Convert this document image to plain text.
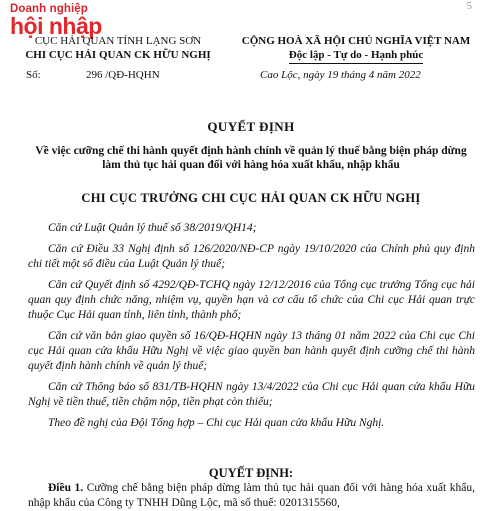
Doanh nghiệp
hội nhập
5
CỤC HẢI QUAN TỈNH LẠNG SƠN
CHI CỤC HẢI QUAN CK HỮU NGHỊ
CỘNG HOÀ XÃ HỘI CHỦ NGHĨA VIỆT NAM
Độc lập - Tự do - Hạnh phúc
Số:	296 /QĐ-HQHN	Cao Lộc, ngày 19 tháng 4 năm 2022
QUYẾT ĐỊNH
Về việc cưỡng chế thi hành quyết định hành chính về quản lý thuế bằng biện pháp dừng làm thủ tục hải quan đối với hàng hóa xuất khẩu, nhập khẩu
CHI CỤC TRƯỞNG CHI CỤC HẢI QUAN CK HỮU NGHỊ

Căn cứ Luật Quản lý thuế số 38/2019/QH14;

Căn cứ Điều 33 Nghị định số 126/2020/NĐ-CP ngày 19/10/2020 của Chính phủ quy định chi tiết một số điều của Luật Quản lý thuế;

Căn cứ Quyết định số 4292/QĐ-TCHQ ngày 12/12/2016 của Tổng cục trưởng Tổng cục hải quan quy định chức năng, nhiệm vụ, quyền hạn và cơ cấu tổ chức của Chi cục Hải quan trực thuộc Cục Hải quan tỉnh, liên tỉnh, thành phố;

Căn cứ văn bản giao quyền số 16/QĐ-HQHN ngày 13 tháng 01 năm 2022 của Chi cục Chi cục Hải quan cửa khẩu Hữu Nghị về việc giao quyền ban hành quyết định cưỡng chế thi hành quyết định hành chính về quản lý thuế;

Căn cứ Thông báo số 831/TB-HQHN ngày 13/4/2022 của Chi cục Hải quan cửa khẩu Hữu Nghị về tiền thuế, tiền chậm nộp, tiền phạt còn thiếu;

Theo đề nghị của Đội Tổng hợp – Chi cục Hải quan cửa khẩu Hữu Nghị.

QUYẾT ĐỊNH:

Điều 1. Cưỡng chế bằng biện pháp dừng làm thủ tục hải quan đối với hàng hóa xuất khẩu, nhập khẩu của Công ty TNHH Dũng Lộc, mã số thuế: 0201315560,
